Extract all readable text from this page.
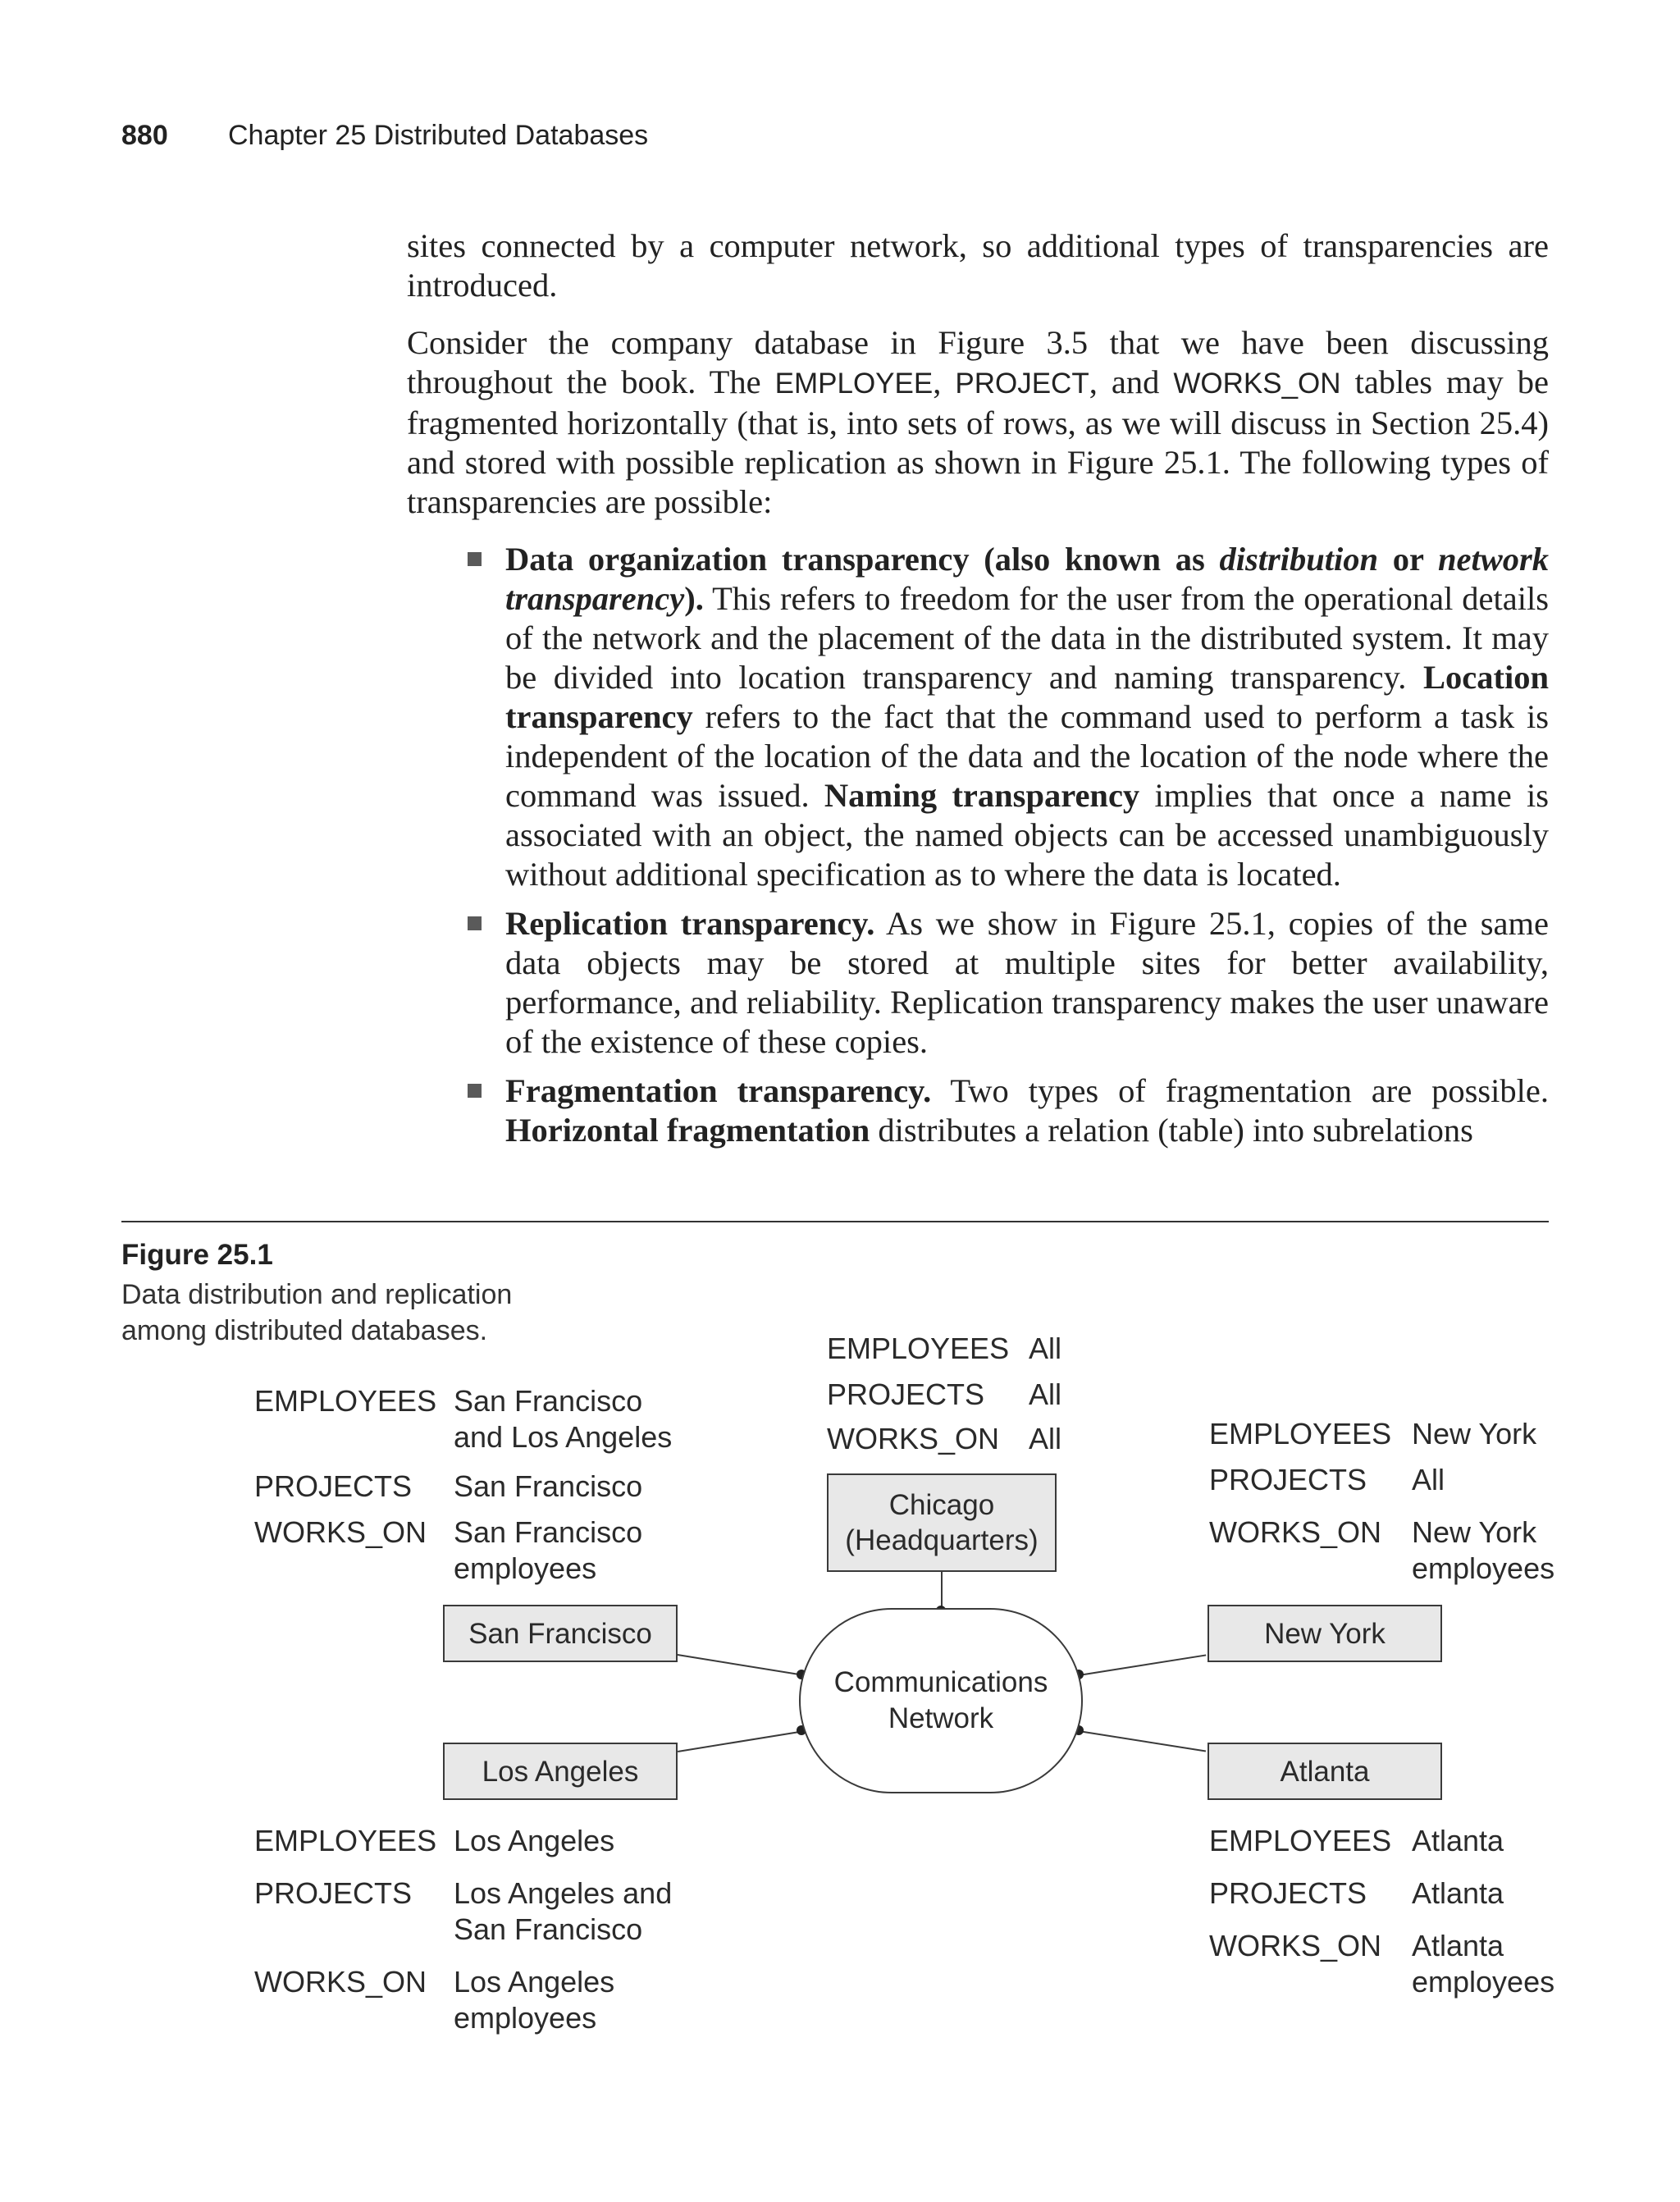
880 Chapter 25 Distributed Databases

sites connected by a computer network, so additional types of transparencies are introduced.

Consider the company database in Figure 3.5 that we have been discussing throughout the book. The EMPLOYEE, PROJECT, and WORKS_ON tables may be fragmented horizontally (that is, into sets of rows, as we will discuss in Section 25.4) and stored with possible replication as shown in Figure 25.1. The following types of transparencies are possible:

Data organization transparency (also known as distribution or network transparency). This refers to freedom for the user from the operational details of the network and the placement of the data in the distributed system. It may be divided into location transparency and naming transparency. Location transparency refers to the fact that the command used to perform a task is independent of the location of the data and the location of the node where the command was issued. Naming transparency implies that once a name is associated with an object, the named objects can be accessed unambiguously without additional specification as to where the data is located.
Replication transparency. As we show in Figure 25.1, copies of the same data objects may be stored at multiple sites for better availability, performance, and reliability. Replication transparency makes the user unaware of the existence of these copies.
Fragmentation transparency. Two types of fragmentation are possible. Horizontal fragmentation distributes a relation (table) into subrelations
Figure 25.1
Data distribution and replication among distributed databases.
Communications
Network
Chicago
(Headquarters)
San Francisco
Los Angeles
New York
Atlanta
EMPLOYEES All
PROJECTS All
WORKS_ON All
EMPLOYEES San Francisco
and Los Angeles
PROJECTS San Francisco
WORKS_ON San Francisco
employees
EMPLOYEES New York
PROJECTS All
WORKS_ON New York
employees
EMPLOYEES Los Angeles
PROJECTS Los Angeles and
San Francisco
WORKS_ON Los Angeles
employees
EMPLOYEES Atlanta
PROJECTS Atlanta
WORKS_ON Atlanta
employees
